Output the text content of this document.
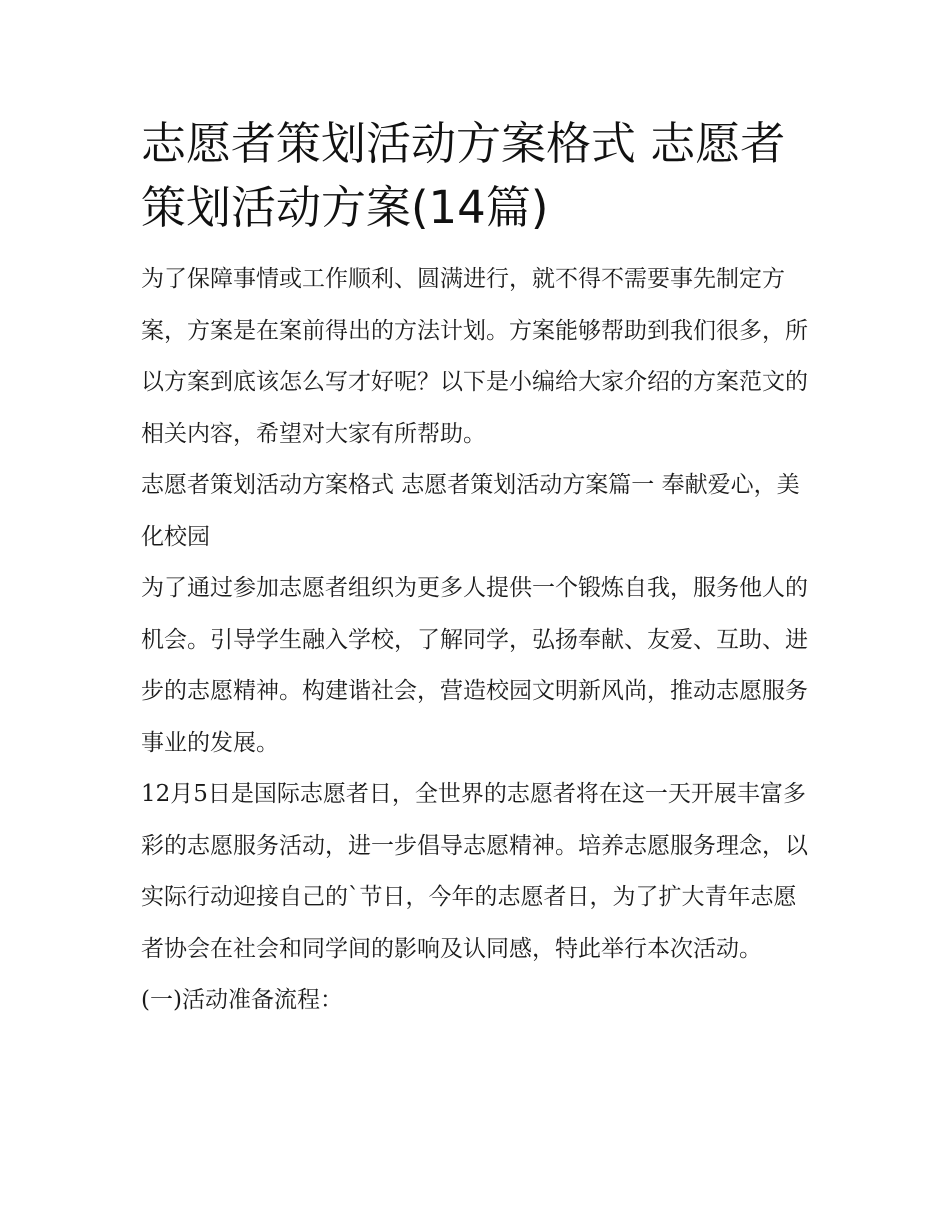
志愿者策划活动方案格式 志愿者策划活动方案(14篇)

为了保障事情或工作顺利、圆满进行，就不得不需要事先制定方案，方案是在案前得出的方法计划。方案能够帮助到我们很多，所以方案到底该怎么写才好呢？以下是小编给大家介绍的方案范文的相关内容，希望对大家有所帮助。

志愿者策划活动方案格式 志愿者策划活动方案篇一 奉献爱心，美化校园

为了通过参加志愿者组织为更多人提供一个锻炼自我，服务他人的机会。引导学生融入学校，了解同学，弘扬奉献、友爱、互助、进步的志愿精神。构建谐社会，营造校园文明新风尚，推动志愿服务事业的发展。

12月5日是国际志愿者日，全世界的志愿者将在这一天开展丰富多彩的志愿服务活动，进一步倡导志愿精神。培养志愿服务理念，以实际行动迎接自己的`节日，今年的志愿者日，为了扩大青年志愿者协会在社会和同学间的影响及认同感，特此举行本次活动。

(一)活动准备流程：
